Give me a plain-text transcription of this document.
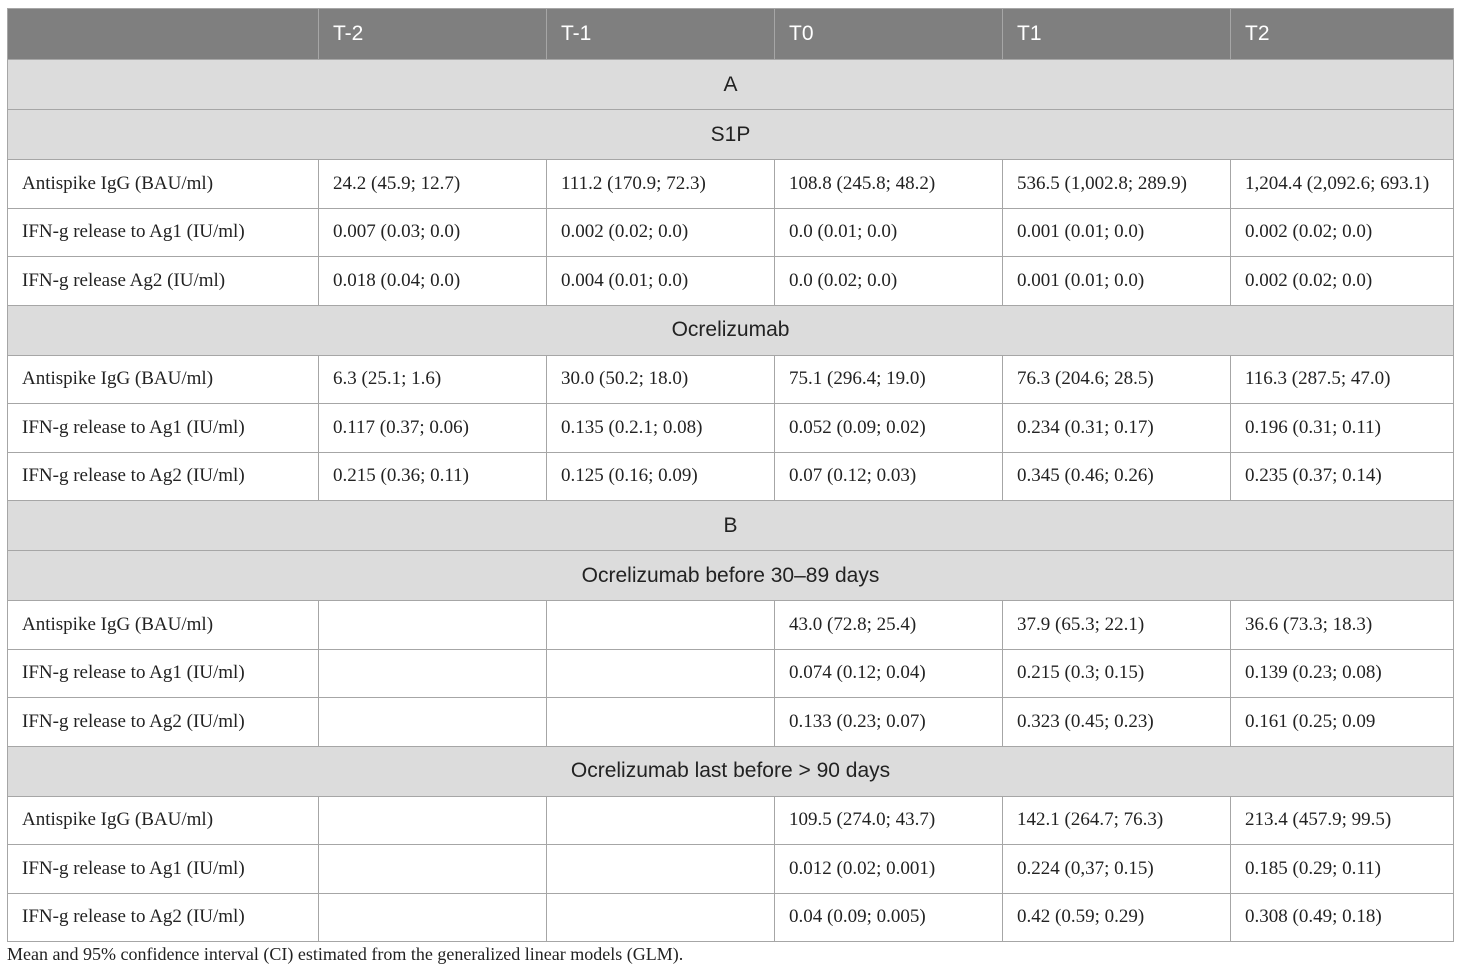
	T-2	T-1	T0	T1	T2
A					
S1P					
Antispike IgG (BAU/ml)	24.2 (45.9; 12.7)	111.2 (170.9; 72.3)	108.8 (245.8; 48.2)	536.5 (1,002.8; 289.9)	1,204.4 (2,092.6; 693.1)
IFN-g release to Ag1 (IU/ml)	0.007 (0.03; 0.0)	0.002 (0.02; 0.0)	0.0 (0.01; 0.0)	0.001 (0.01; 0.0)	0.002 (0.02; 0.0)
IFN-g release Ag2 (IU/ml)	0.018 (0.04; 0.0)	0.004 (0.01; 0.0)	0.0 (0.02; 0.0)	0.001 (0.01; 0.0)	0.002 (0.02; 0.0)
Ocrelizumab					
Antispike IgG (BAU/ml)	6.3 (25.1; 1.6)	30.0 (50.2; 18.0)	75.1 (296.4; 19.0)	76.3 (204.6; 28.5)	116.3 (287.5; 47.0)
IFN-g release to Ag1 (IU/ml)	0.117 (0.37; 0.06)	0.135 (0.2.1; 0.08)	0.052 (0.09; 0.02)	0.234 (0.31; 0.17)	0.196 (0.31; 0.11)
IFN-g release to Ag2 (IU/ml)	0.215 (0.36; 0.11)	0.125 (0.16; 0.09)	0.07 (0.12; 0.03)	0.345 (0.46; 0.26)	0.235 (0.37; 0.14)
B					
Ocrelizumab before 30–89 days					
Antispike IgG (BAU/ml)			43.0 (72.8; 25.4)	37.9 (65.3; 22.1)	36.6 (73.3; 18.3)
IFN-g release to Ag1 (IU/ml)			0.074 (0.12; 0.04)	0.215 (0.3; 0.15)	0.139 (0.23; 0.08)
IFN-g release to Ag2 (IU/ml)			0.133 (0.23; 0.07)	0.323 (0.45; 0.23)	0.161 (0.25; 0.09
Ocrelizumab last before > 90 days					
Antispike IgG (BAU/ml)			109.5 (274.0; 43.7)	142.1 (264.7; 76.3)	213.4 (457.9; 99.5)
IFN-g release to Ag1 (IU/ml)			0.012 (0.02; 0.001)	0.224 (0,37; 0.15)	0.185 (0.29; 0.11)
IFN-g release to Ag2 (IU/ml)			0.04 (0.09; 0.005)	0.42 (0.59; 0.29)	0.308 (0.49; 0.18)
Mean and 95% confidence interval (CI) estimated from the generalized linear models (GLM).
